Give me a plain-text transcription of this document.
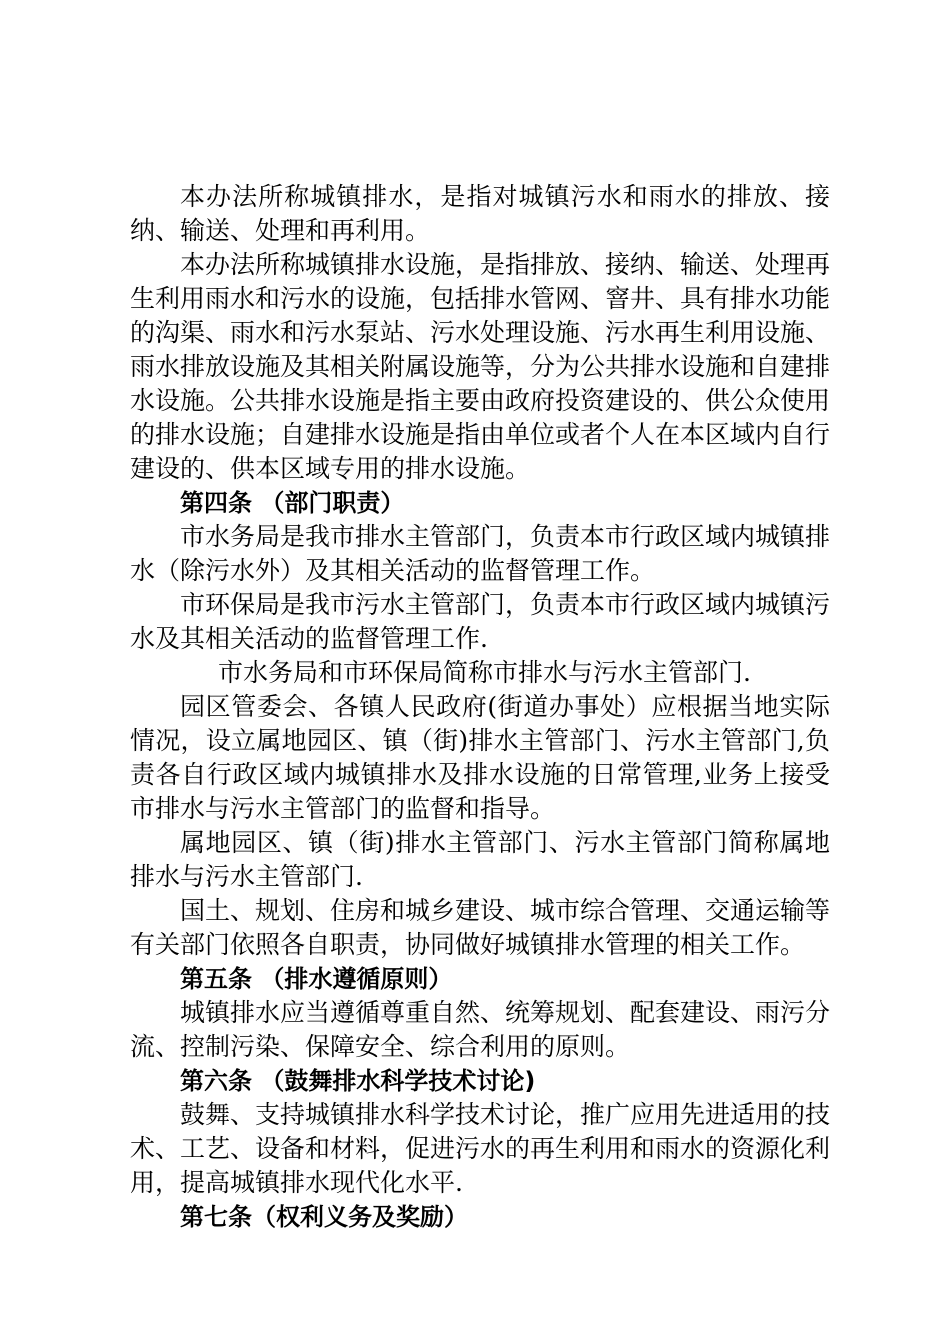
本办法所称城镇排水，是指对城镇污水和雨水的排放、接纳、输送、处理和再利用。

本办法所称城镇排水设施，是指排放、接纳、输送、处理再生利用雨水和污水的设施，包括排水管网、窨井、具有排水功能的沟渠、雨水和污水泵站、污水处理设施、污水再生利用设施、雨水排放设施及其相关附属设施等，分为公共排水设施和自建排水设施。公共排水设施是指主要由政府投资建设的、供公众使用的排水设施；自建排水设施是指由单位或者个人在本区域内自行建设的、供本区域专用的排水设施。

第四条 （部门职责）

市水务局是我市排水主管部门，负责本市行政区域内城镇排水（除污水外）及其相关活动的监督管理工作。

市环保局是我市污水主管部门，负责本市行政区域内城镇污水及其相关活动的监督管理工作.

市水务局和市环保局简称市排水与污水主管部门.

园区管委会、各镇人民政府(街道办事处）应根据当地实际情况，设立属地园区、镇（街)排水主管部门、污水主管部门,负责各自行政区域内城镇排水及排水设施的日常管理,业务上接受市排水与污水主管部门的监督和指导。

属地园区、镇（街)排水主管部门、污水主管部门简称属地排水与污水主管部门.

国土、规划、住房和城乡建设、城市综合管理、交通运输等有关部门依照各自职责，协同做好城镇排水管理的相关工作。

第五条 （排水遵循原则）

城镇排水应当遵循尊重自然、统筹规划、配套建设、雨污分流、控制污染、保障安全、综合利用的原则。

第六条 （鼓舞排水科学技术讨论)

鼓舞、支持城镇排水科学技术讨论，推广应用先进适用的技术、工艺、设备和材料，促进污水的再生利用和雨水的资源化利用，提高城镇排水现代化水平.

第七条（权利义务及奖励）
